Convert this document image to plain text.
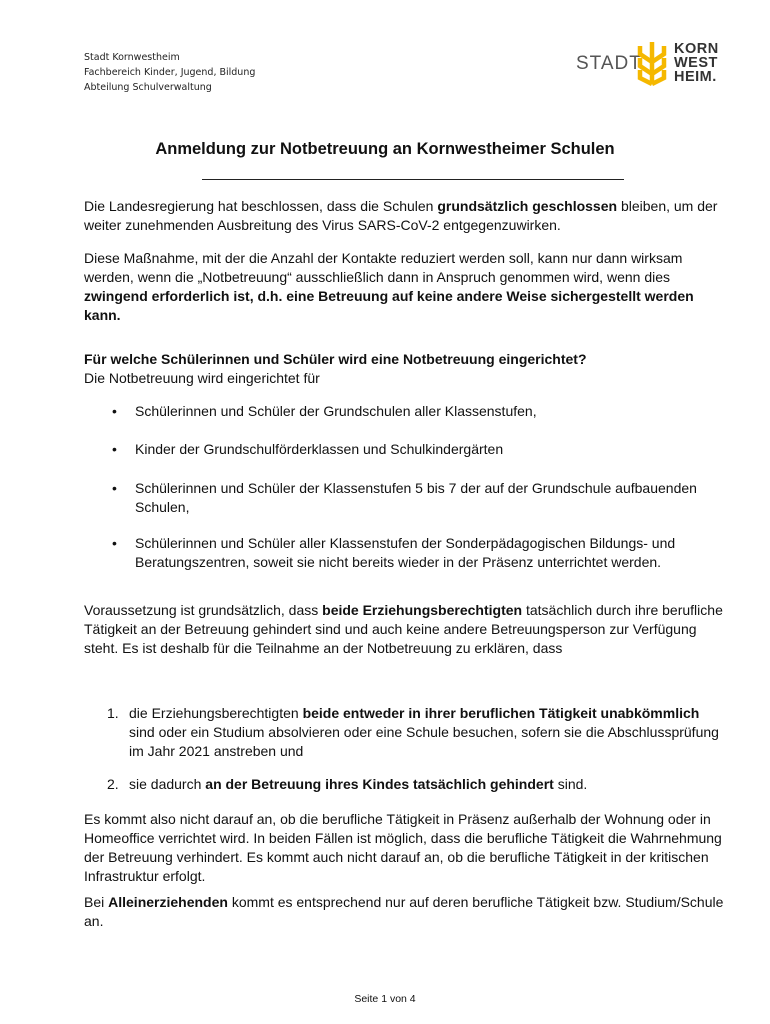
Stadt Kornwestheim
Fachbereich Kinder, Jugend, Bildung
Abteilung Schulverwaltung
STADT
KORN
WEST
HEIM.
Anmeldung zur Notbetreuung an Kornwestheimer Schulen

Die Landesregierung hat beschlossen, dass die Schulen grundsätzlich geschlossen bleiben, um der weiter zunehmenden Ausbreitung des Virus SARS-CoV-2 entgegenzuwirken.

Diese Maßnahme, mit der die Anzahl der Kontakte reduziert werden soll, kann nur dann wirksam werden, wenn die „Notbetreuung“ ausschließlich dann in Anspruch genommen wird, wenn dies zwingend erforderlich ist, d.h. eine Betreuung auf keine andere Weise sichergestellt werden kann.

Für welche Schülerinnen und Schüler wird eine Notbetreuung eingerichtet?

Die Notbetreuung wird eingerichtet für

• Schülerinnen und Schüler der Grundschulen aller Klassenstufen,
• Kinder der Grundschulförderklassen und Schulkindergärten
• Schülerinnen und Schüler der Klassenstufen 5 bis 7 der auf der Grundschule aufbauenden Schulen,
• Schülerinnen und Schüler aller Klassenstufen der Sonderpädagogischen Bildungs- und Beratungszentren, soweit sie nicht bereits wieder in der Präsenz unterrichtet werden.

Voraussetzung ist grundsätzlich, dass beide Erziehungsberechtigten tatsächlich durch ihre berufliche Tätigkeit an der Betreuung gehindert sind und auch keine andere Betreuungsperson zur Verfügung steht. Es ist deshalb für die Teilnahme an der Notbetreuung zu erklären, dass

1. die Erziehungsberechtigten beide entweder in ihrer beruflichen Tätigkeit unabkömmlich sind oder ein Studium absolvieren oder eine Schule besuchen, sofern sie die Abschlussprüfung im Jahr 2021 anstreben und
2. sie dadurch an der Betreuung ihres Kindes tatsächlich gehindert sind.

Es kommt also nicht darauf an, ob die berufliche Tätigkeit in Präsenz außerhalb der Wohnung oder in Homeoffice verrichtet wird. In beiden Fällen ist möglich, dass die berufliche Tätigkeit die Wahrnehmung der Betreuung verhindert. Es kommt auch nicht darauf an, ob die berufliche Tätigkeit in der kritischen Infrastruktur erfolgt.

Bei Alleinerziehenden kommt es entsprechend nur auf deren berufliche Tätigkeit bzw. Studium/Schule an.

Seite 1 von 4
